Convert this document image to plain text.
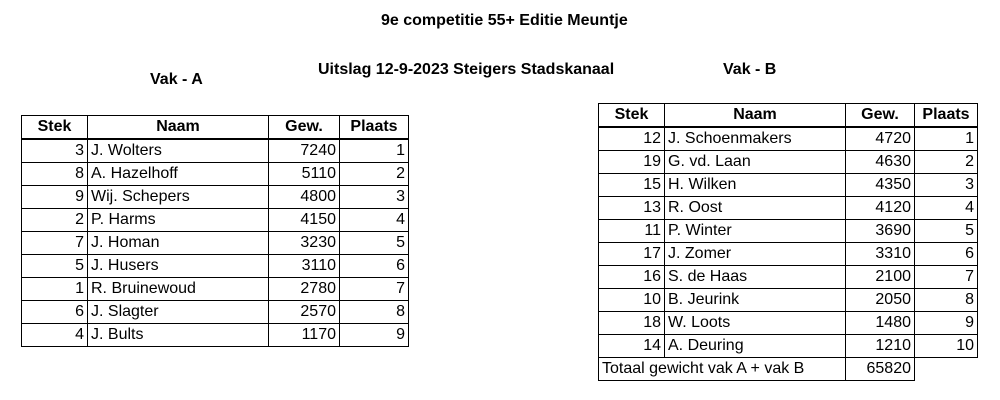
9e competitie 55+ Editie Meuntje
Uitslag 12-9-2023 Steigers Stadskanaal
Vak - A
Vak - B
Stek	Naam	Gew.	Plaats
3	J. Wolters	7240	1
8	A. Hazelhoff	5110	2
9	Wij. Schepers	4800	3
2	P. Harms	4150	4
7	J. Homan	3230	5
5	J. Husers	3110	6
1	R. Bruinewoud	2780	7
6	J. Slagter	2570	8
4	J. Bults	1170	9
Stek	Naam	Gew.	Plaats
12	J. Schoenmakers	4720	1
19	G. vd. Laan	4630	2
15	H. Wilken	4350	3
13	R. Oost	4120	4
11	P. Winter	3690	5
17	J. Zomer	3310	6
16	S. de Haas	2100	7
10	B. Jeurink	2050	8
18	W. Loots	1480	9
14	A. Deuring	1210	10
Totaal gewicht vak A + vak B		65820	
